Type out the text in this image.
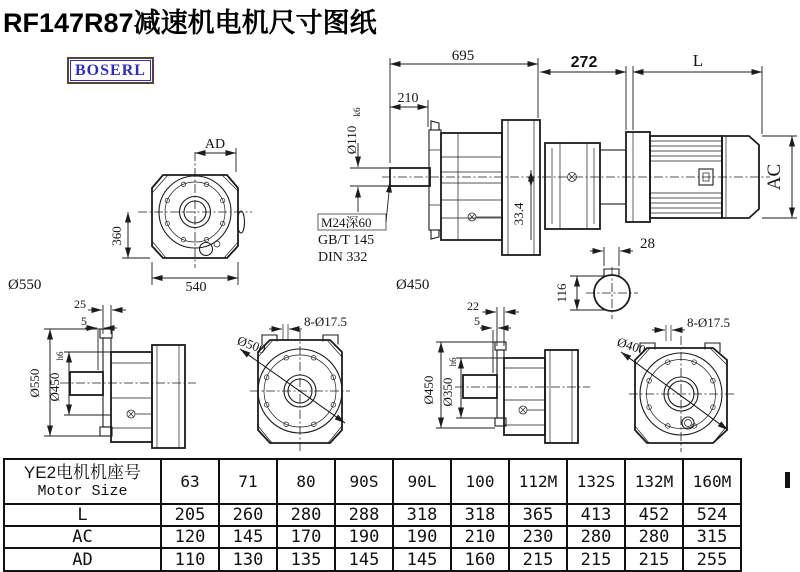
RF147R87减速机电机尺寸图纸
BOSERL
AD
360
540
Ø550
695
210
Ø110
k6
33.4
M24深60
GB/T 145
DIN 332
Ø450
272	L
AC
28
116
25
5
Ø550 Ø450
h6	Ø500
8-Ø17.5
22
5
Ø450 Ø350
h6
Ø400
8-Ø17.5
YE2电机机座号
Motor Size	63	71	80	90S	90L	100	112M	132S	132M	160M
L	205	260	280	288	318	318	365	413	452	524
AC	120	145	170	190	190	210	230	280	280	315
AD	110	130	135	145	145	160	215	215	215	255
